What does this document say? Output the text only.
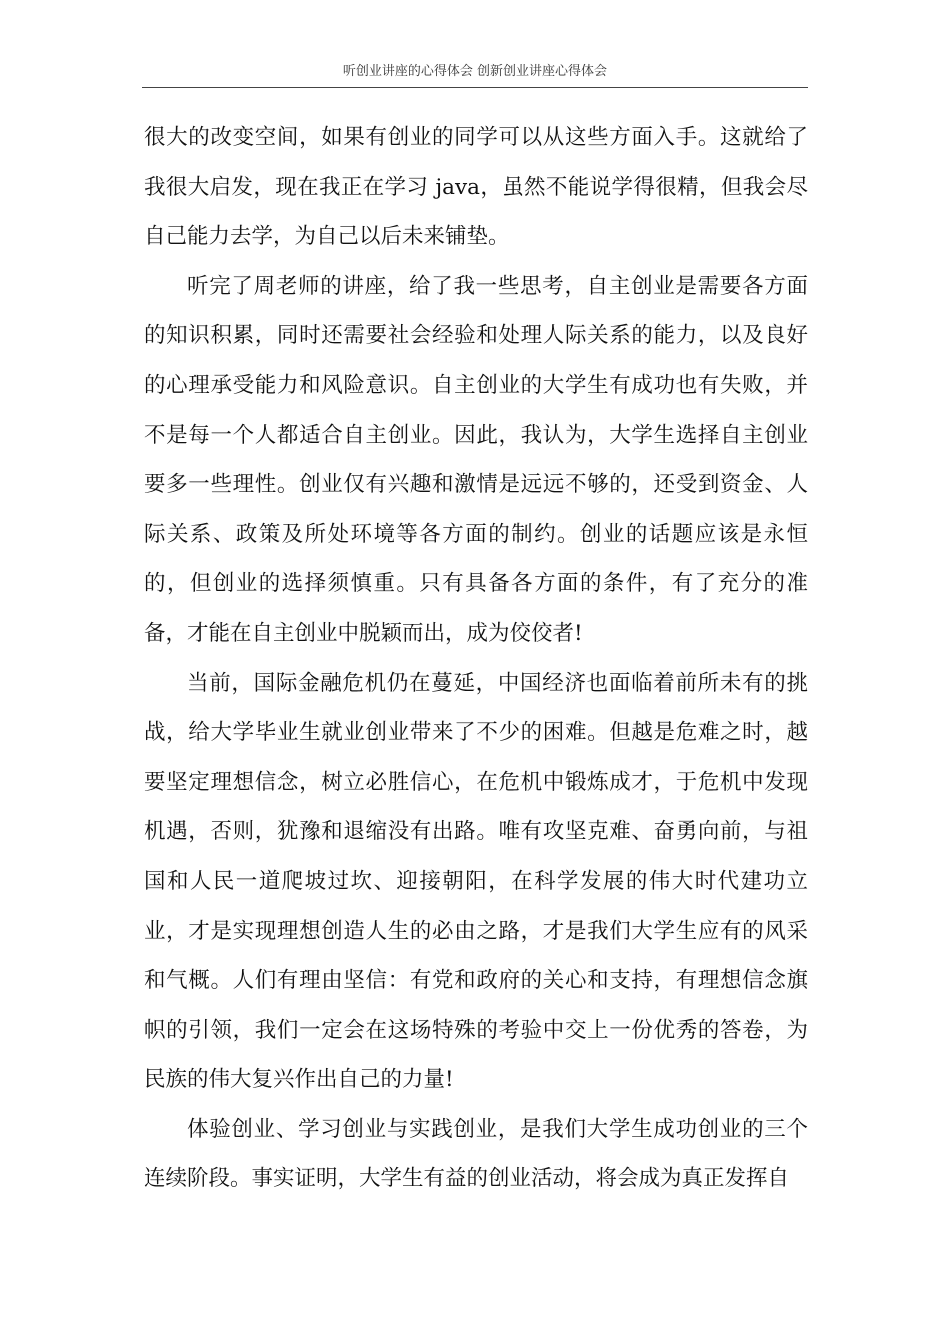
听创业讲座的心得体会 创新创业讲座心得体会

很大的改变空间，如果有创业的同学可以从这些方面入手。这就给了我很大启发，现在我正在学习 java，虽然不能说学得很精，但我会尽自己能力去学，为自己以后未来铺垫。

听完了周老师的讲座，给了我一些思考，自主创业是需要各方面的知识积累，同时还需要社会经验和处理人际关系的能力，以及良好的心理承受能力和风险意识。自主创业的大学生有成功也有失败，并不是每一个人都适合自主创业。因此，我认为，大学生选择自主创业要多一些理性。创业仅有兴趣和激情是远远不够的，还受到资金、人际关系、政策及所处环境等各方面的制约。创业的话题应该是永恒的，但创业的选择须慎重。只有具备各方面的条件，有了充分的准备，才能在自主创业中脱颖而出，成为佼佼者!

当前，国际金融危机仍在蔓延，中国经济也面临着前所未有的挑战，给大学毕业生就业创业带来了不少的困难。但越是危难之时，越要坚定理想信念，树立必胜信心，在危机中锻炼成才，于危机中发现机遇，否则，犹豫和退缩没有出路。唯有攻坚克难、奋勇向前，与祖国和人民一道爬坡过坎、迎接朝阳，在科学发展的伟大时代建功立业，才是实现理想创造人生的必由之路，才是我们大学生应有的风采和气概。人们有理由坚信：有党和政府的关心和支持，有理想信念旗帜的引领，我们一定会在这场特殊的考验中交上一份优秀的答卷，为民族的伟大复兴作出自己的力量!

体验创业、学习创业与实践创业，是我们大学生成功创业的三个连续阶段。事实证明，大学生有益的创业活动，将会成为真正发挥自
